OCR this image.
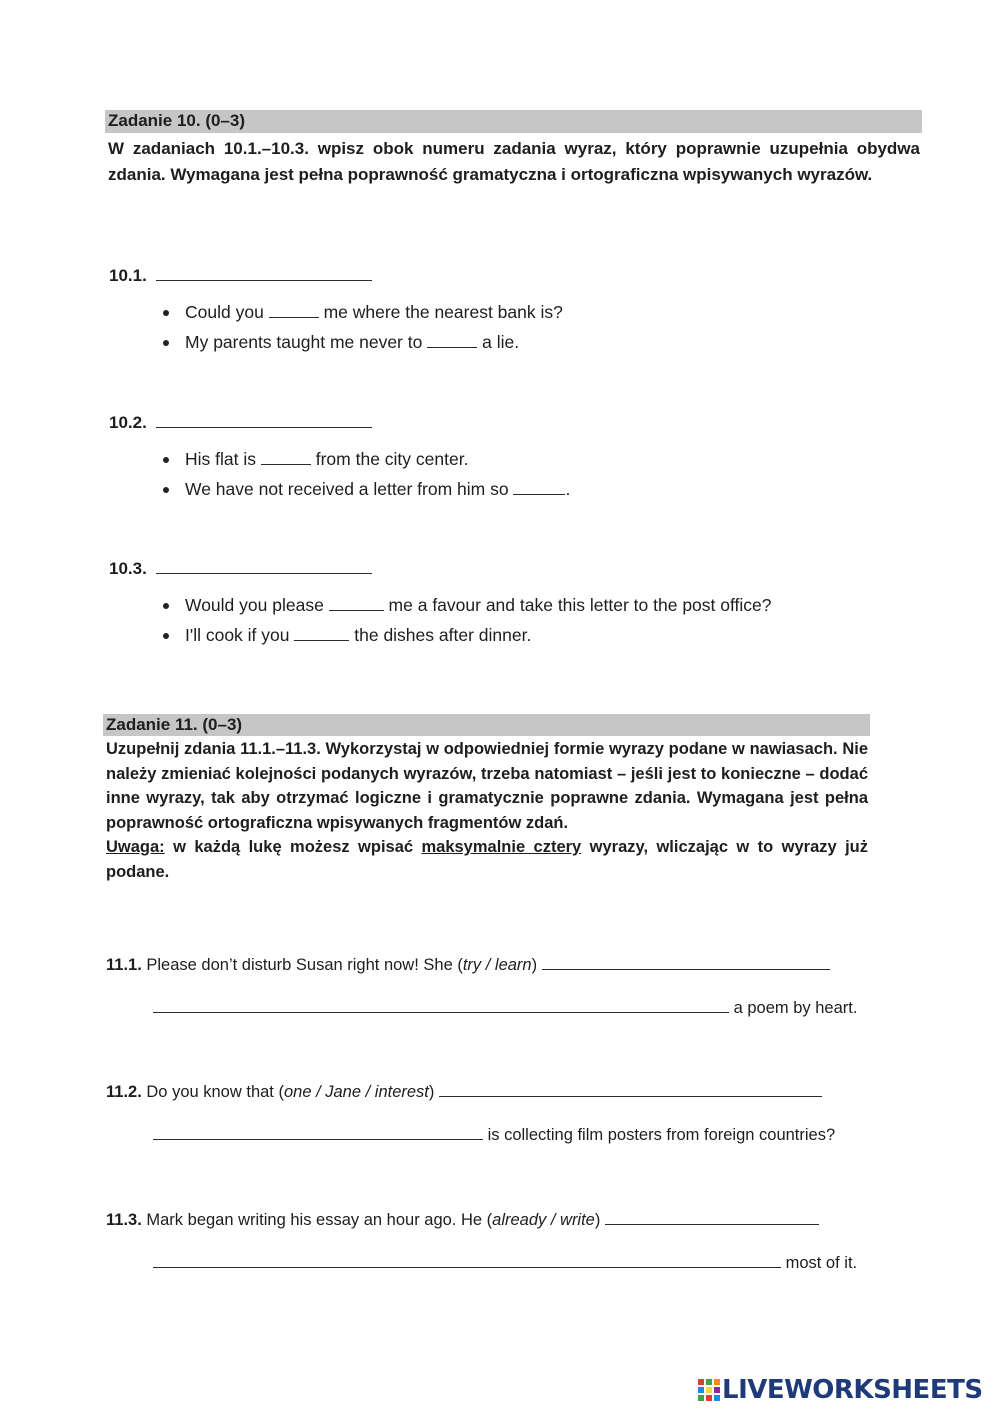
Zadanie 10. (0–3)
W zadaniach 10.1.–10.3. wpisz obok numeru zadania wyraz, który poprawnie uzupełnia obydwa zdania. Wymagana jest pełna poprawność gramatyczna i ortograficzna wpisywanych wyrazów.
10.1.
Could you	me where the nearest bank is?
My parents taught me never to	a lie.
10.2.
His flat is	from the city center.
We have not received a letter from him so	.
10.3.
Would you please	me a favour and take this letter to the post office?
I'll cook if you	the dishes after dinner.
Zadanie 11. (0–3)
Uzupełnij zdania 11.1.–11.3. Wykorzystaj w odpowiedniej formie wyrazy podane w nawiasach. Nie należy zmieniać kolejności podanych wyrazów, trzeba natomiast – jeśli jest to konieczne – dodać inne wyrazy, tak aby otrzymać logiczne i gramatycznie poprawne zdania. Wymagana jest pełna poprawność ortograficzna wpisywanych fragmentów zdań.
Uwaga: w każdą lukę możesz wpisać maksymalnie cztery wyrazy, wliczając w to wyrazy już podane.
11.1. Please don’t disturb Susan right now! She (try / learn)
a poem by heart.
11.2. Do you know that (one / Jane / interest)
is collecting film posters from foreign countries?
11.3. Mark began writing his essay an hour ago. He (already / write)
most of it.
LIVEWORKSHEETS
